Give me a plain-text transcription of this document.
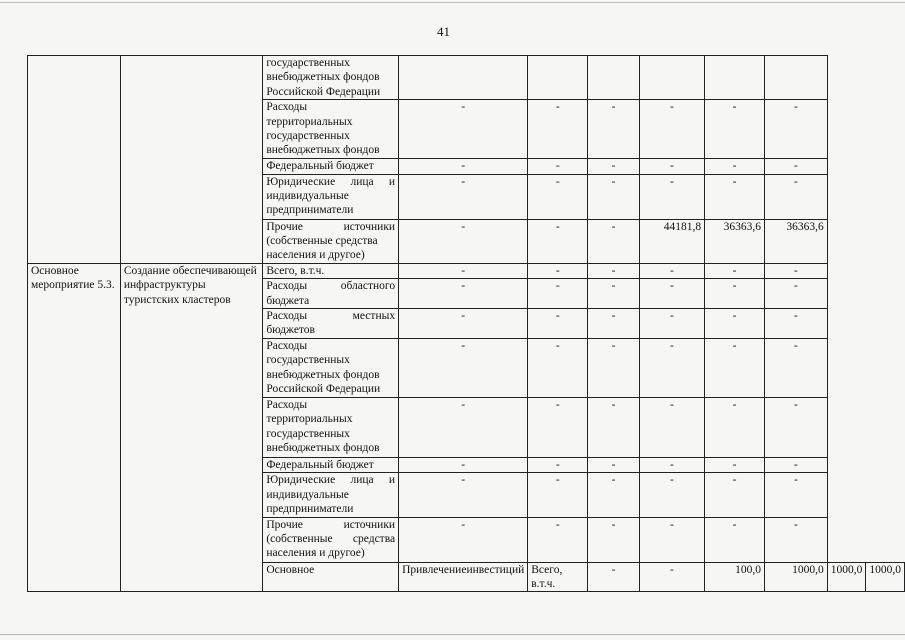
41

		государственных
внебюджетных фондов
Российской Федерации								

		Расходы
территориальных
государственных
внебюджетных фондов	-	-	-	-	-	-		
		Федеральный бюджет	-	-	-	-	-	-		

		Юридические лица и
индивидуальные
предприниматели	-	-	-	-	-	-		

		Прочие источники
(собственные средства
населения и другое)	-	-	-	44181,8	36363,6	36363,6		

Основное
мероприятие 5.3.	Создание обеспечивающей
инфраструктуры
туристских кластеров	Всего, в.т.ч.	-	-	-	-	-	-		

		Расходы областного
бюджета	-	-	-	-	-	-		

		Расходы местных
бюджетов	-	-	-	-	-	-		

		Расходы
государственных
внебюджетных фондов
Российской Федерации	-	-	-	-	-	-		

		Расходы
территориальных
государственных
внебюджетных фондов	-	-	-	-	-	-		
		Федеральный бюджет	-	-	-	-	-	-		

		Юридические лица и
индивидуальные
предприниматели	-	-	-	-	-	-		

		Прочие источники
(собственные средства
населения и другое)	-	-	-	-	-	-		
		Основное	Привлечение инвестиций	Всего, в.т.ч.	-	-	100,0	1000,0	1000,0	1000,0
